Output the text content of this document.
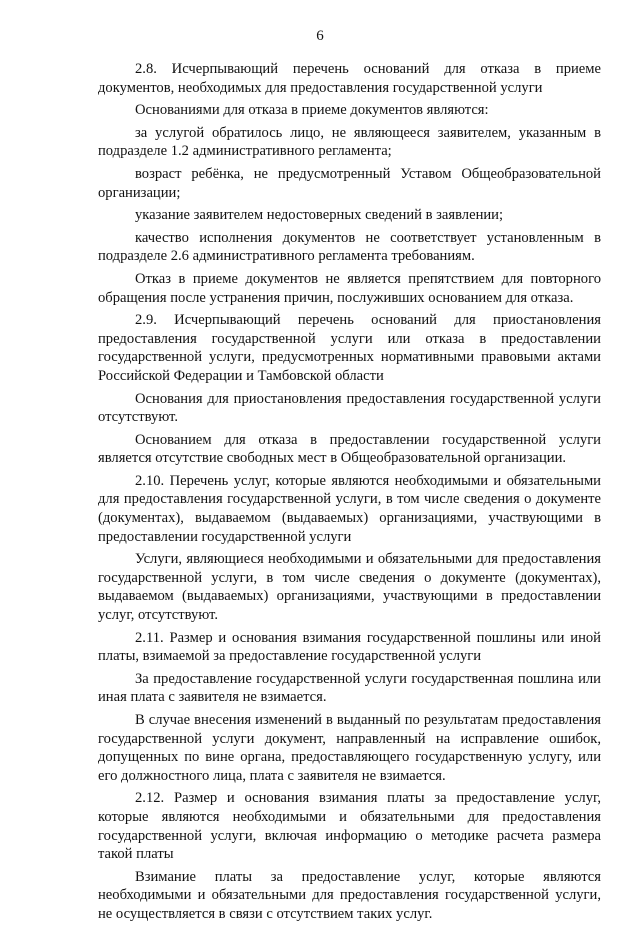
6

2.8. Исчерпывающий перечень оснований для отказа в приеме документов, необходимых для предоставления государственной услуги

Основаниями для отказа в приеме документов являются:

за услугой обратилось лицо, не являющееся заявителем, указанным в подразделе 1.2 административного регламента;

возраст ребёнка, не предусмотренный Уставом Общеобразовательной организации;

указание заявителем недостоверных сведений в заявлении;

качество исполнения документов не соответствует установленным в подразделе 2.6 административного регламента требованиям.

Отказ в приеме документов не является препятствием для повторного обращения после устранения причин, послуживших основанием для отказа.

2.9. Исчерпывающий перечень оснований для приостановления предоставления государственной услуги или отказа в предоставлении государственной услуги, предусмотренных нормативными правовыми актами Российской Федерации и Тамбовской области

Основания для приостановления предоставления государственной услуги отсутствуют.

Основанием для отказа в предоставлении государственной услуги является отсутствие свободных мест в Общеобразовательной организации.

2.10. Перечень услуг, которые являются необходимыми и обязательными для предоставления государственной услуги, в том числе сведения о документе (документах), выдаваемом (выдаваемых) организациями, участвующими в предоставлении государственной услуги

Услуги, являющиеся необходимыми и обязательными для предоставления государственной услуги, в том числе сведения о документе (документах), выдаваемом (выдаваемых) организациями, участвующими в предоставлении услуг, отсутствуют.

2.11. Размер и основания взимания государственной пошлины или иной платы, взимаемой за предоставление государственной услуги

За предоставление государственной услуги государственная пошлина или иная плата с заявителя не взимается.

В случае внесения изменений в выданный по результатам предоставления государственной услуги документ, направленный на исправление ошибок, допущенных по вине органа, предоставляющего государственную услугу, или его должностного лица, плата с заявителя не взимается.

2.12. Размер и основания взимания платы за предоставление услуг, которые являются необходимыми и обязательными для предоставления государственной услуги, включая информацию о методике расчета размера такой платы

Взимание платы за предоставление услуг, которые являются необходимыми и обязательными для предоставления государственной услуги, не осуществляется в связи с отсутствием таких услуг.
